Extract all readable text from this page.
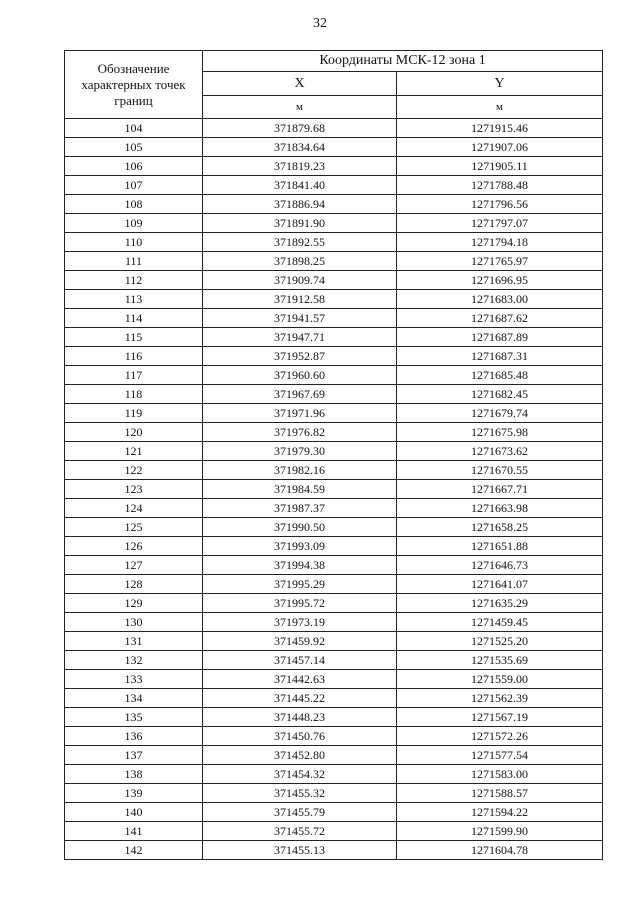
32
Обозначение характерных точек границ	Координаты МСК-12 зона 1	
	X	Y
	м	м
104	371879.68	1271915.46
105	371834.64	1271907.06
106	371819.23	1271905.11
107	371841.40	1271788.48
108	371886.94	1271796.56
109	371891.90	1271797.07
110	371892.55	1271794.18
111	371898.25	1271765.97
112	371909.74	1271696.95
113	371912.58	1271683.00
114	371941.57	1271687.62
115	371947.71	1271687.89
116	371952.87	1271687.31
117	371960.60	1271685.48
118	371967.69	1271682.45
119	371971.96	1271679.74
120	371976.82	1271675.98
121	371979.30	1271673.62
122	371982.16	1271670.55
123	371984.59	1271667.71
124	371987.37	1271663.98
125	371990.50	1271658.25
126	371993.09	1271651.88
127	371994.38	1271646.73
128	371995.29	1271641.07
129	371995.72	1271635.29
130	371973.19	1271459.45
131	371459.92	1271525.20
132	371457.14	1271535.69
133	371442.63	1271559.00
134	371445.22	1271562.39
135	371448.23	1271567.19
136	371450.76	1271572.26
137	371452.80	1271577.54
138	371454.32	1271583.00
139	371455.32	1271588.57
140	371455.79	1271594.22
141	371455.72	1271599.90
142	371455.13	1271604.78
